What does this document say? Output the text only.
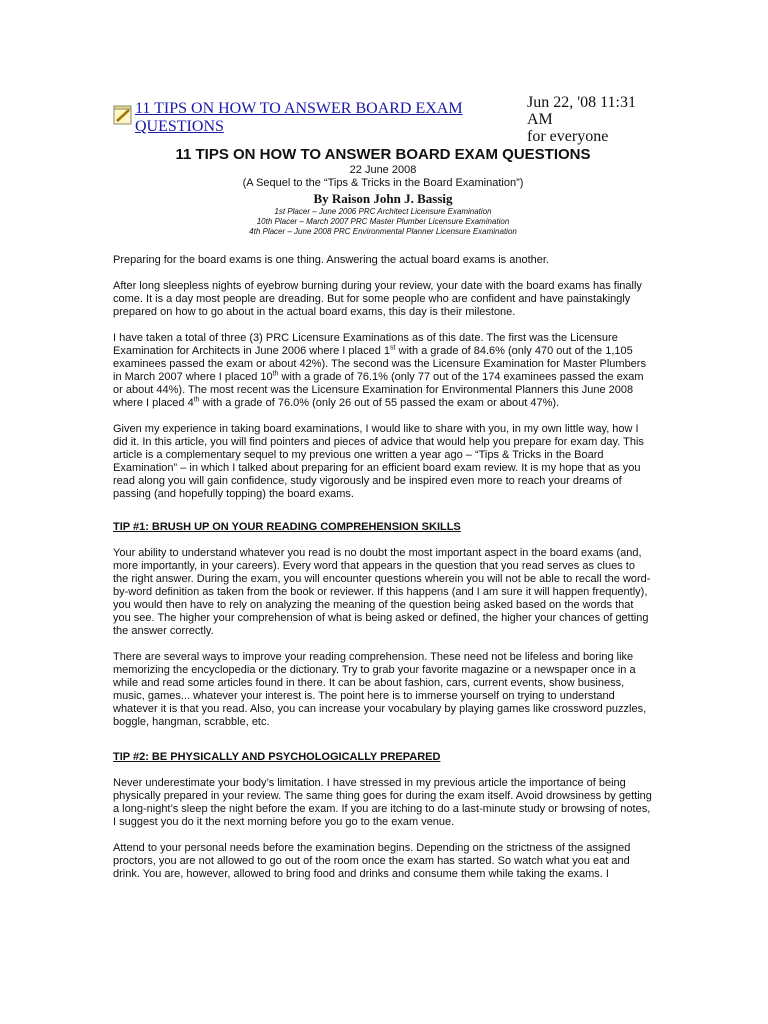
11 TIPS ON HOW TO ANSWER BOARD EXAM
QUESTIONS
Jun 22, '08 11:31
AM
for everyone
11 TIPS ON HOW TO ANSWER BOARD EXAM QUESTIONS
22 June 2008
(A Sequel to the “Tips & Tricks in the Board Examination”)
By Raison John J. Bassig
1st Placer – June 2006 PRC Architect Licensure Examination
10th Placer – March 2007 PRC Master Plumber Licensure Examination
4th Placer – June 2008 PRC Environmental Planner Licensure Examination

Preparing for the board exams is one thing. Answering the actual board exams is another.

After long sleepless nights of eyebrow burning during your review, your date with the board exams has finally come. It is a day most people are dreading. But for some people who are confident and have painstakingly prepared on how to go about in the actual board exams, this day is their milestone.

I have taken a total of three (3) PRC Licensure Examinations as of this date. The first was the Licensure Examination for Architects in June 2006 where I placed 1st with a grade of 84.6% (only 470 out of the 1,105 examinees passed the exam or about 42%). The second was the Licensure Examination for Master Plumbers in March 2007 where I placed 10th with a grade of 76.1% (only 77 out of the 174 examinees passed the exam or about 44%). The most recent was the Licensure Examination for Environmental Planners this June 2008 where I placed 4th with a grade of 76.0% (only 26 out of 55 passed the exam or about 47%).

Given my experience in taking board examinations, I would like to share with you, in my own little way, how I did it. In this article, you will find pointers and pieces of advice that would help you prepare for exam day. This article is a complementary sequel to my previous one written a year ago – “Tips & Tricks in the Board Examination” – in which I talked about preparing for an efficient board exam review. It is my hope that as you read along you will gain confidence, study vigorously and be inspired even more to reach your dreams of passing (and hopefully topping) the board exams.

TIP #1: BRUSH UP ON YOUR READING COMPREHENSION SKILLS

Your ability to understand whatever you read is no doubt the most important aspect in the board exams (and, more importantly, in your careers). Every word that appears in the question that you read serves as clues to the right answer. During the exam, you will encounter questions wherein you will not be able to recall the word-by-word definition as taken from the book or reviewer. If this happens (and I am sure it will happen frequently), you would then have to rely on analyzing the meaning of the question being asked based on the words that you see. The higher your comprehension of what is being asked or defined, the higher your chances of getting the answer correctly.

There are several ways to improve your reading comprehension. These need not be lifeless and boring like memorizing the encyclopedia or the dictionary. Try to grab your favorite magazine or a newspaper once in a while and read some articles found in there. It can be about fashion, cars, current events, show business, music, games... whatever your interest is. The point here is to immerse yourself on trying to understand whatever it is that you read. Also, you can increase your vocabulary by playing games like crossword puzzles, boggle, hangman, scrabble, etc.

TIP #2: BE PHYSICALLY AND PSYCHOLOGICALLY PREPARED

Never underestimate your body’s limitation. I have stressed in my previous article the importance of being physically prepared in your review. The same thing goes for during the exam itself. Avoid drowsiness by getting a long-night’s sleep the night before the exam. If you are itching to do a last-minute study or browsing of notes, I suggest you do it the next morning before you go to the exam venue.

Attend to your personal needs before the examination begins. Depending on the strictness of the assigned proctors, you are not allowed to go out of the room once the exam has started. So watch what you eat and drink. You are, however, allowed to bring food and drinks and consume them while taking the exams. I
